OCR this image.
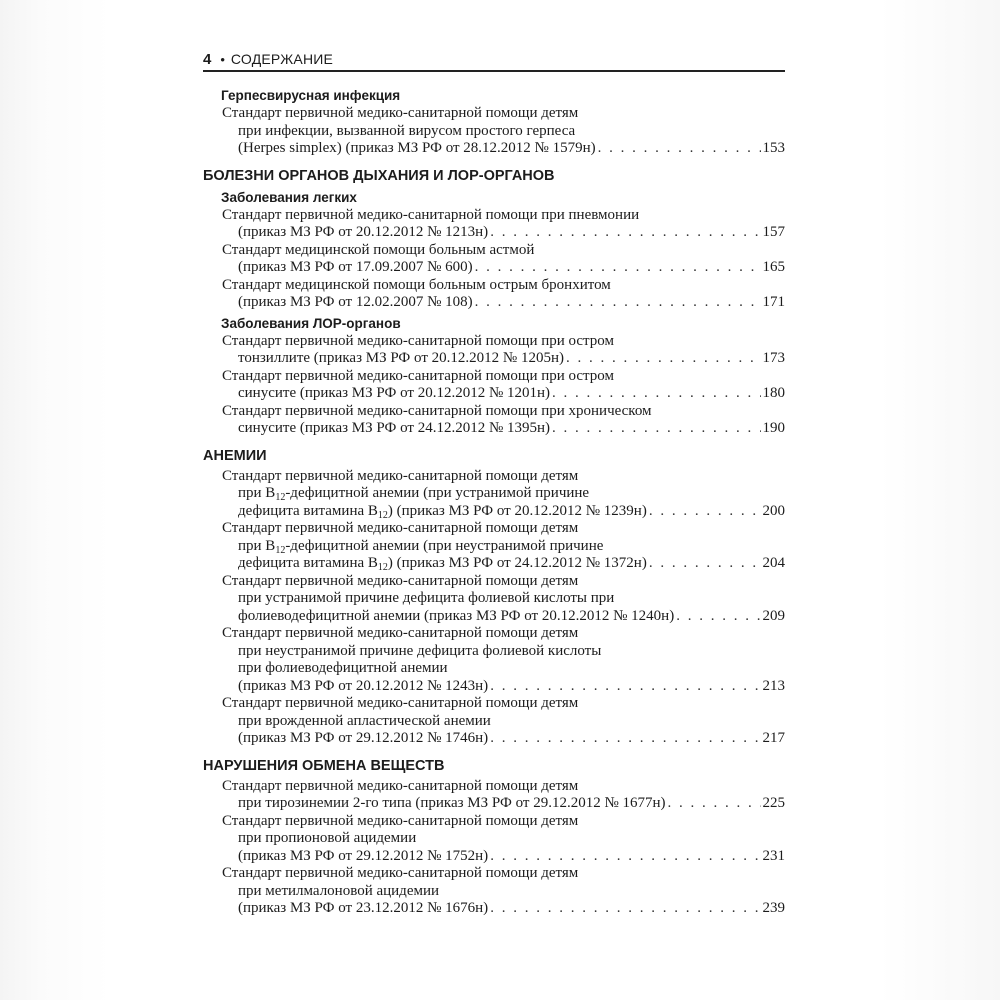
4 • СОДЕРЖАНИЕ
Герпесвирусная инфекция
Стандарт первичной медико-санитарной помощи детям
при инфекции, вызванной вирусом простого герпеса
(Herpes simplex) (приказ МЗ РФ от 28.12.2012 № 1579н) . . .	153
БОЛЕЗНИ ОРГАНОВ ДЫХАНИЯ И ЛОР-ОРГАНОВ
Заболевания легких
Стандарт первичной медико-санитарной помощи при пневмонии
(приказ МЗ РФ от 20.12.2012 № 1213н) . . .	157
Стандарт медицинской помощи больным астмой
(приказ МЗ РФ от 17.09.2007 № 600) . . .	165
Стандарт медицинской помощи больным острым бронхитом
(приказ МЗ РФ от 12.02.2007 № 108) . . .	171
Заболевания ЛОР-органов
Стандарт первичной медико-санитарной помощи при остром
тонзиллите (приказ МЗ РФ от 20.12.2012 № 1205н) . . .	173
Стандарт первичной медико-санитарной помощи при остром
синусите (приказ МЗ РФ от 20.12.2012 № 1201н) . . .	180
Стандарт первичной медико-санитарной помощи при хроническом
синусите (приказ МЗ РФ от 24.12.2012 № 1395н) . . .	190
АНЕМИИ
Стандарт первичной медико-санитарной помощи детям
при $B_{12}$-дефицитной анемии (при устранимой причине
дефицита витамина $B_{12}$) (приказ МЗ РФ от 20.12.2012 № 1239н) . . .	200
Стандарт первичной медико-санитарной помощи детям
при $B_{12}$-дефицитной анемии (при неустранимой причине
дефицита витамина $B_{12}$) (приказ МЗ РФ от 24.12.2012 № 1372н) . . .	204
Стандарт первичной медико-санитарной помощи детям
при устранимой причине дефицита фолиевой кислоты при
фолиеводефицитной анемии (приказ МЗ РФ от 20.12.2012 № 1240н) . . .	209
Стандарт первичной медико-санитарной помощи детям
при неустранимой причине дефицита фолиевой кислоты
при фолиеводефицитной анемии
(приказ МЗ РФ от 20.12.2012 № 1243н) . . .	213
Стандарт первичной медико-санитарной помощи детям
при врожденной апластической анемии
(приказ МЗ РФ от 29.12.2012 № 1746н) . . .	217
НАРУШЕНИЯ ОБМЕНА ВЕЩЕСТВ
Стандарт первичной медико-санитарной помощи детям
при тирозинемии 2-го типа (приказ МЗ РФ от 29.12.2012 № 1677н) . . .	225
Стандарт первичной медико-санитарной помощи детям
при пропионовой ацидемии
(приказ МЗ РФ от 29.12.2012 № 1752н) . . .	231
Стандарт первичной медико-санитарной помощи детям
при метилмалоновой ацидемии
(приказ МЗ РФ от 23.12.2012 № 1676н) . . .	239
